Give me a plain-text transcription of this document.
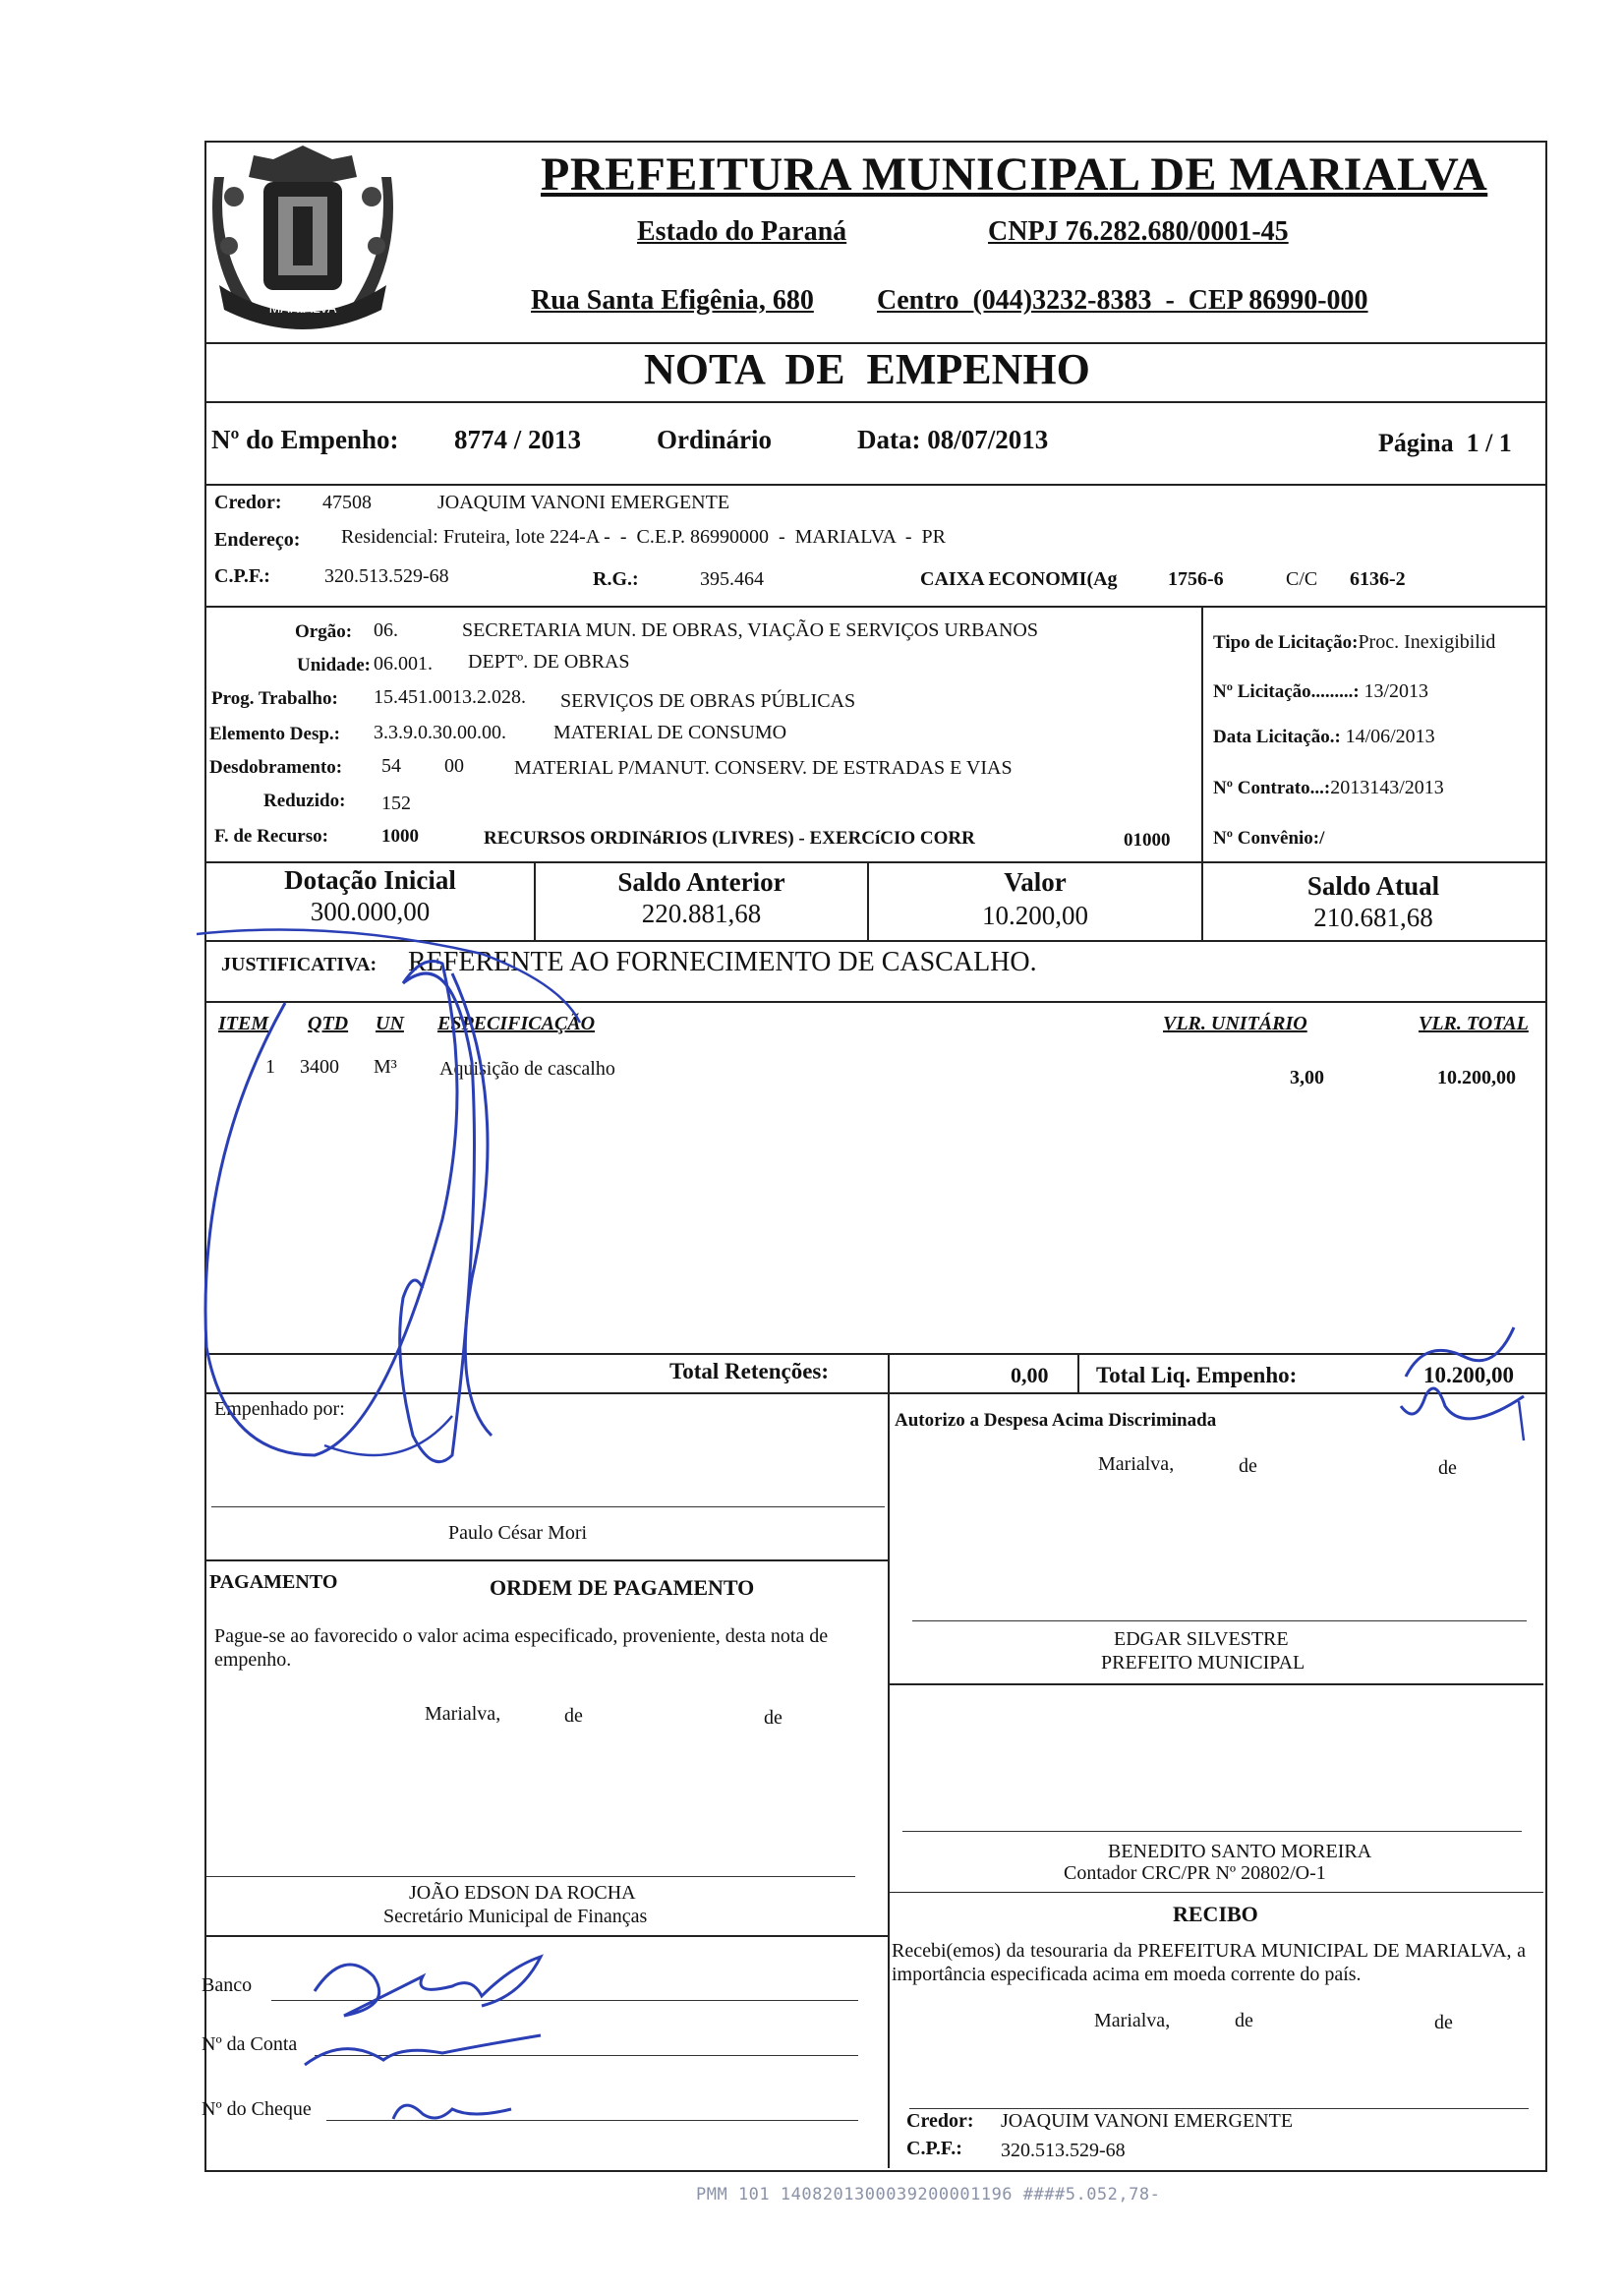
MARIALVA
PREFEITURA MUNICIPAL DE MARIALVA
Estado do Paraná	CNPJ 76.282.680/0001-45
Rua Santa Efigênia, 680 Centro  (044)3232-8383  -  CEP 86990-000
NOTA  DE  EMPENHO
Nº do Empenho: 8774 / 2013	Ordinário	Data: 08/07/2013	Página  1 / 1
Credor: 47508	JOAQUIM VANONI EMERGENTE
Endereço: Residencial: Fruteira, lote 224-A -  -  C.E.P. 86990000  -  MARIALVA  -  PR
C.P.F.:	320.513.529-68	R.G.:	395.464	CAIXA ECONOMI(Ag	1756-6	C/C 6136-2
Orgão: 06.	SECRETARIA MUN. DE OBRAS, VIAÇÃO E SERVIÇOS URBANOS
Unidade: 06.001. DEPTº. DE OBRAS
Prog. Trabalho: 15.451.0013.2.028. SERVIÇOS DE OBRAS PÚBLICAS
Elemento Desp.: 3.3.9.0.30.00.00. MATERIAL DE CONSUMO
Desdobramento: 54 00	MATERIAL P/MANUT. CONSERV. DE ESTRADAS E VIAS
Reduzido: 152
F. de Recurso:	1000	RECURSOS ORDINáRIOS (LIVRES) - EXERCíCIO CORR	01000
Tipo de Licitação:Proc. Inexigibilid
Nº Licitação.........: 13/2013
Data Licitação.: 14/06/2013
Nº Contrato...:2013143/2013
Nº Convênio:/
Dotação Inicial
300.000,00
Saldo Anterior
220.881,68
Valor
10.200,00
Saldo Atual
210.681,68
JUSTIFICATIVA: REFERENTE AO FORNECIMENTO DE CASCALHO.
ITEM QTD UN ESPECIFICAÇÃO	VLR. UNITÁRIO	VLR. TOTAL
1 3400 M³ Aquisição de cascalho	3,00	10.200,00
Total Retenções:	0,00 Total Liq. Empenho:	10.200,00
Empenhado por:
Paulo César Mori
Autorizo a Despesa Acima Discriminada
Marialva,	de	de
EDGAR SILVESTRE
PREFEITO MUNICIPAL
PAGAMENTO	ORDEM DE PAGAMENTO
Pague-se ao favorecido o valor acima especificado, proveniente, desta nota de empenho.
Marialva,	de	de
JOÃO EDSON DA ROCHA
Secretário Municipal de Finanças
BENEDITO SANTO MOREIRA
Contador CRC/PR Nº 20802/O-1
RECIBO
Recebi(emos) da tesouraria da PREFEITURA MUNICIPAL DE MARIALVA, a importância especificada acima em moeda corrente do país.
Marialva,	de	de
Credor: JOAQUIM VANONI EMERGENTE
C.P.F.: 320.513.529-68
Banco
Nº da Conta
Nº do Cheque
PMM 101 1408201300039200001196 ####5.052,78-
